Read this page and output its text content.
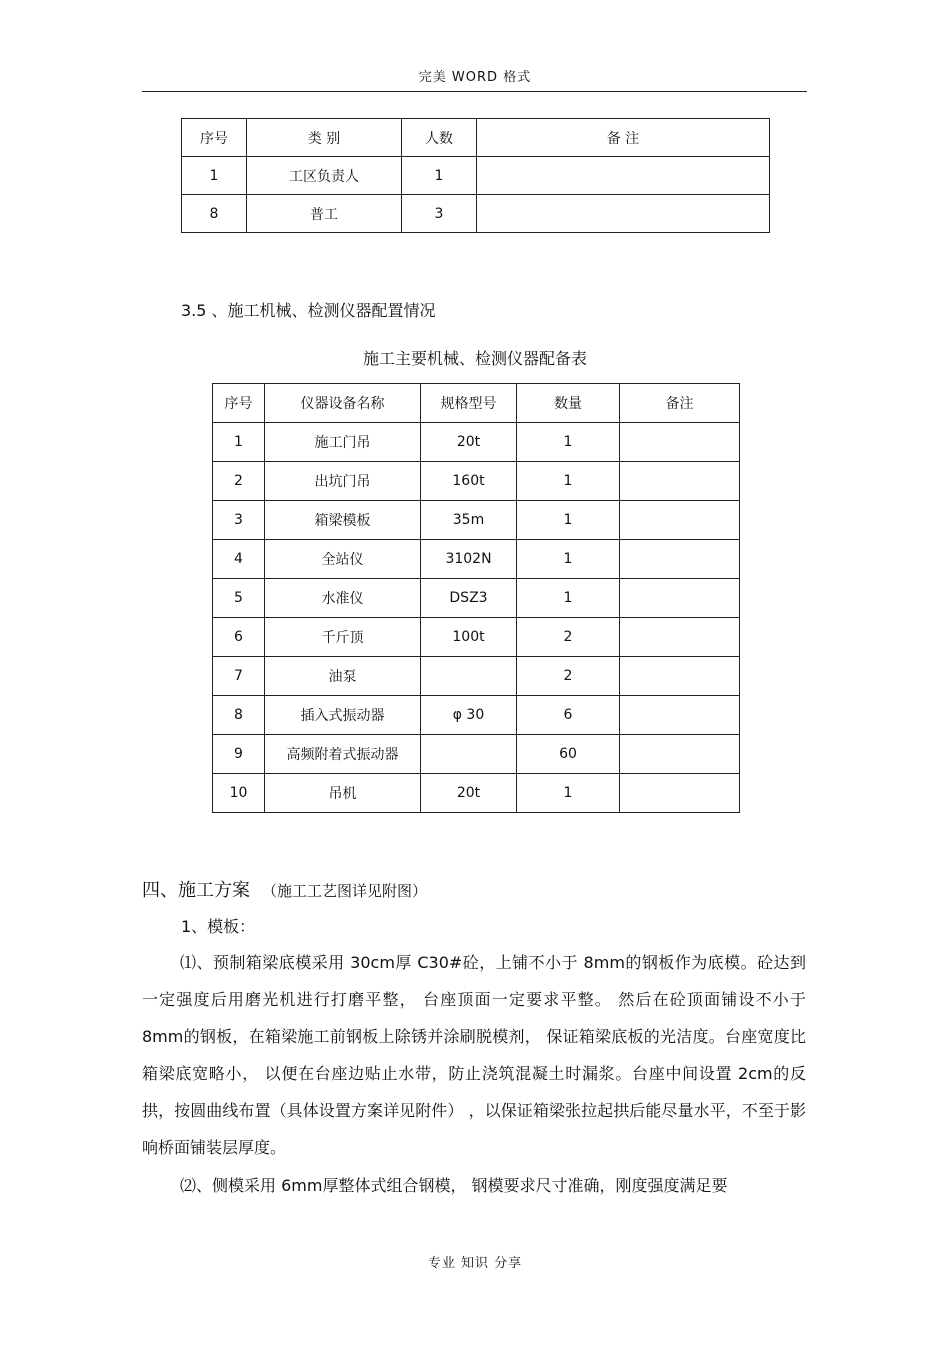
完美 WORD 格式
序号	类 别	人数	备 注
1	工区负责人	1	
8	普工	3	
3.5 、施工机械、检测仪器配置情况
施工主要机械、检测仪器配备表
序号	仪器设备名称	规格型号	数量	备注
1	施工门吊	20t	1	
2	出坑门吊	160t	1	
3	箱梁模板	35m	1	
4	全站仪	3102N	1	
5	水准仪	DSZ3	1	
6	千斤顶	100t	2	
7	油泵		2	
8	插入式振动器	φ 30	6	
9	高频附着式振动器		60	
10	吊机	20t	1	
四、施工方案 （施工工艺图详见附图）
1、模板：

⑴、预制箱梁底模采用 30cm厚 C30#砼，上铺不小于 8mm的钢板作为底模。砼达到一定强度后用磨光机进行打磨平整， 台座顶面一定要求平整。 然后在砼顶面铺设不小于 8mm的钢板，在箱梁施工前钢板上除锈并涂刷脱模剂， 保证箱梁底板的光洁度。台座宽度比箱梁底宽略小， 以便在台座边贴止水带，防止浇筑混凝土时漏浆。台座中间设置 2cm的反拱，按圆曲线布置（具体设置方案详见附件） ，以保证箱梁张拉起拱后能尽量水平，不至于影响桥面铺装层厚度。

⑵、侧模采用 6mm厚整体式组合钢模， 钢模要求尺寸准确，刚度强度满足要

专业 知识 分享
